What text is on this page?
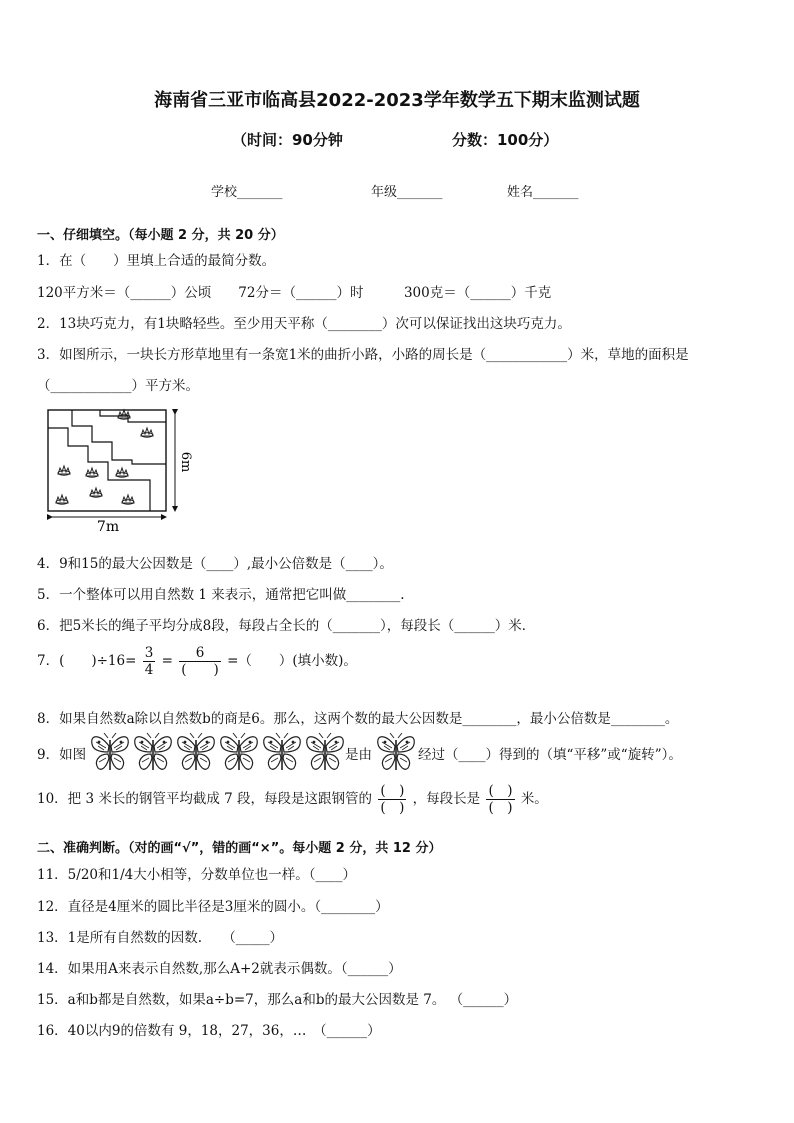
海南省三亚市临高县2022-2023学年数学五下期末监测试题
（时间：90分钟	分数：100分）
学校_______	年级_______	姓名_______
一、仔细填空。（每小题 2 分，共 20 分）
1．在（　　）里填上合适的最简分数。
120平方米＝（______）公顷　　72分＝（______）时　　　300克＝（______）千克
2．13块巧克力，有1块略轻些。至少用天平称（________）次可以保证找出这块巧克力。
3．如图所示，一块长方形草地里有一条宽1米的曲折小路，小路的周长是（____________）米，草地的面积是
（____________）平方米。
6m
7m
4．9和15的最大公因数是（____）,最小公倍数是（____）。
5．一个整体可以用自然数 1 来表示，通常把它叫做________.
6．把5米长的绳子平均分成8段，每段占全长的（_______），每段长（______）米．
7．(　　)$\div 16= \frac{3}{4} = \frac{6}{( )}$ =（　　）(填小数)。
8．如果自然数a除以自然数b的商是6。那么，这两个数的最大公因数是________，最小公倍数是________。
9．如图	是由	经过（____）得到的（填“平移”或“旋转”）。
10．把 3 米长的钢管平均截成 7 段，每段是这跟钢管的 $\frac{( )}{( )}$ ，每段长是 $\frac{( )}{( )}$ 米。
二、准确判断。（对的画“√”，错的画“×”。每小题 2 分，共 12 分）
11．5/20和1/4大小相等，分数单位也一样。（____）
12．直径是4厘米的圆比半径是3厘米的圆小。（________）
13．1是所有自然数的因数.　　（_____）
14．如果用A来表示自然数,那么A+2就表示偶数。（______）
15．a和b都是自然数，如果a÷b=7，那么a和b的最大公因数是 7。 （______）
16．40以内9的倍数有 9，18，27，36，…　（______）
